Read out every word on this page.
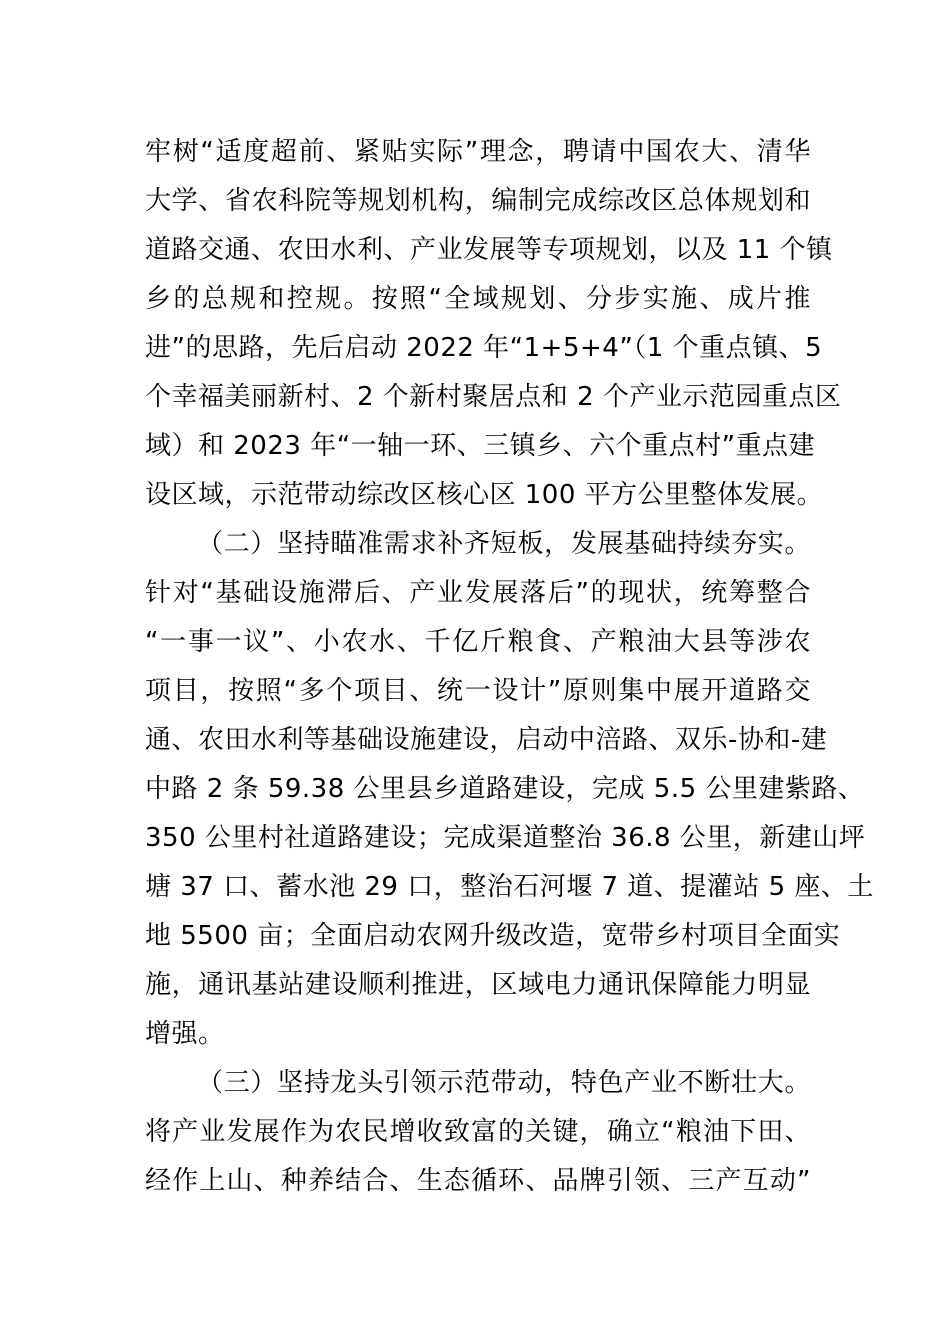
牢树“适度超前、紧贴实际”理念，聘请中国农大、清华
大学、省农科院等规划机构，编制完成综改区总体规划和
道路交通、农田水利、产业发展等专项规划，以及 11 个镇
乡的总规和控规。按照“全域规划、分步实施、成片推
进”的思路，先后启动 2022 年“1+5+4”（1 个重点镇、5
个幸福美丽新村、2 个新村聚居点和 2 个产业示范园重点区
域）和 2023 年“一轴一环、三镇乡、六个重点村”重点建
设区域，示范带动综改区核心区 100 平方公里整体发展。
（二）坚持瞄准需求补齐短板，发展基础持续夯实。
针对“基础设施滞后、产业发展落后”的现状，统筹整合
“一事一议”、小农水、千亿斤粮食、产粮油大县等涉农
项目，按照“多个项目、统一设计”原则集中展开道路交
通、农田水利等基础设施建设，启动中涪路、双乐-协和-建
中路 2 条 59.38 公里县乡道路建设，完成 5.5 公里建紫路、
350 公里村社道路建设；完成渠道整治 36.8 公里，新建山坪
塘 37 口、蓄水池 29 口，整治石河堰 7 道、提灌站 5 座、土
地 5500 亩；全面启动农网升级改造，宽带乡村项目全面实
施，通讯基站建设顺利推进，区域电力通讯保障能力明显
增强。
（三）坚持龙头引领示范带动，特色产业不断壮大。
将产业发展作为农民增收致富的关键，确立“粮油下田、
经作上山、种养结合、生态循环、品牌引领、三产互动”
